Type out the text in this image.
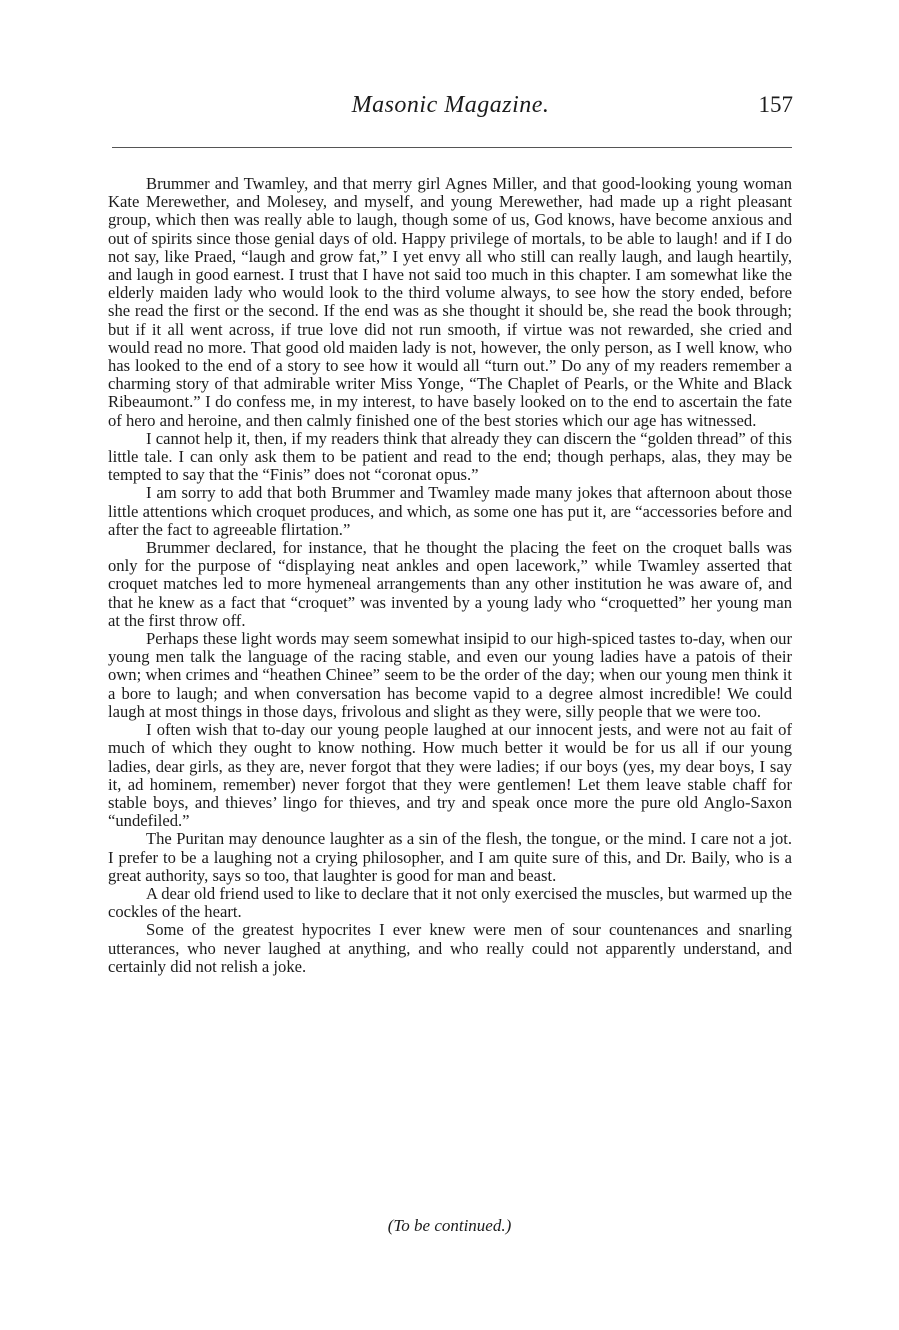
Masonic Magazine.	157

Brummer and Twamley, and that merry girl Agnes Miller, and that good-looking young woman Kate Merewether, and Molesey, and myself, and young Merewether, had made up a right pleasant group, which then was really able to laugh, though some of us, God knows, have become anxious and out of spirits since those genial days of old. Happy privilege of mortals, to be able to laugh! and if I do not say, like Praed, “laugh and grow fat,” I yet envy all who still can really laugh, and laugh heartily, and laugh in good earnest. I trust that I have not said too much in this chapter. I am somewhat like the elderly maiden lady who would look to the third volume always, to see how the story ended, before she read the first or the second. If the end was as she thought it should be, she read the book through; but if it all went across, if true love did not run smooth, if virtue was not rewarded, she cried and would read no more. That good old maiden lady is not, however, the only person, as I well know, who has looked to the end of a story to see how it would all “turn out.” Do any of my readers remember a charming story of that admirable writer Miss Yonge, “The Chaplet of Pearls, or the White and Black Ribeaumont.” I do confess me, in my interest, to have basely looked on to the end to ascertain the fate of hero and heroine, and then calmly finished one of the best stories which our age has witnessed.

I cannot help it, then, if my readers think that already they can discern the “golden thread” of this little tale. I can only ask them to be patient and read to the end; though perhaps, alas, they may be tempted to say that the “Finis” does not “coronat opus.”

I am sorry to add that both Brummer and Twamley made many jokes that afternoon about those little attentions which croquet produces, and which, as some one has put it, are “accessories before and after the fact to agreeable flirtation.”

Brummer declared, for instance, that he thought the placing the feet on the croquet balls was only for the purpose of “displaying neat ankles and open lacework,” while Twamley asserted that croquet matches led to more hymeneal arrangements than any other institution he was aware of, and that he knew as a fact that “croquet” was invented by a young lady who “croquetted” her young man at the first throw off.

Perhaps these light words may seem somewhat insipid to our high-spiced tastes to-day, when our young men talk the language of the racing stable, and even our young ladies have a patois of their own; when crimes and “heathen Chinee” seem to be the order of the day; when our young men think it a bore to laugh; and when conversation has become vapid to a degree almost incredible! We could laugh at most things in those days, frivolous and slight as they were, silly people that we were too.

I often wish that to-day our young people laughed at our innocent jests, and were not au fait of much of which they ought to know nothing. How much better it would be for us all if our young ladies, dear girls, as they are, never forgot that they were ladies; if our boys (yes, my dear boys, I say it, ad hominem, remember) never forgot that they were gentlemen! Let them leave stable chaff for stable boys, and thieves’ lingo for thieves, and try and speak once more the pure old Anglo-Saxon “undefiled.”

The Puritan may denounce laughter as a sin of the flesh, the tongue, or the mind. I care not a jot. I prefer to be a laughing not a crying philosopher, and I am quite sure of this, and Dr. Baily, who is a great authority, says so too, that laughter is good for man and beast.

A dear old friend used to like to declare that it not only exercised the muscles, but warmed up the cockles of the heart.

Some of the greatest hypocrites I ever knew were men of sour countenances and snarling utterances, who never laughed at anything, and who really could not apparently understand, and certainly did not relish a joke.

(To be continued.)
